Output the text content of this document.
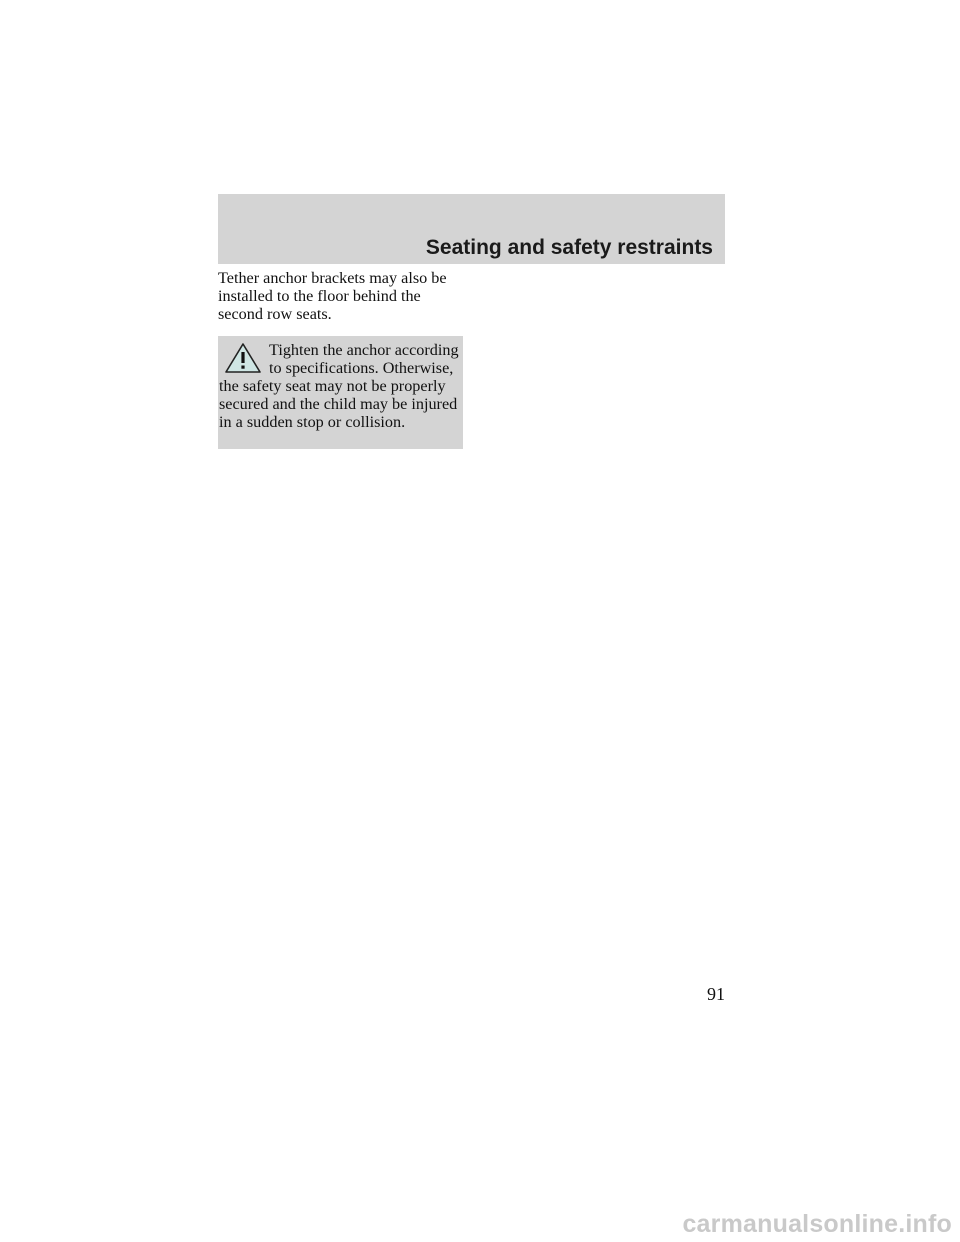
Seating and safety restraints

Tether anchor brackets may also be installed to the floor behind the second row seats.

Tighten the anchor according to specifications. Otherwise, the safety seat may not be properly secured and the child may be injured in a sudden stop or collision.

91
carmanualsonline.info
